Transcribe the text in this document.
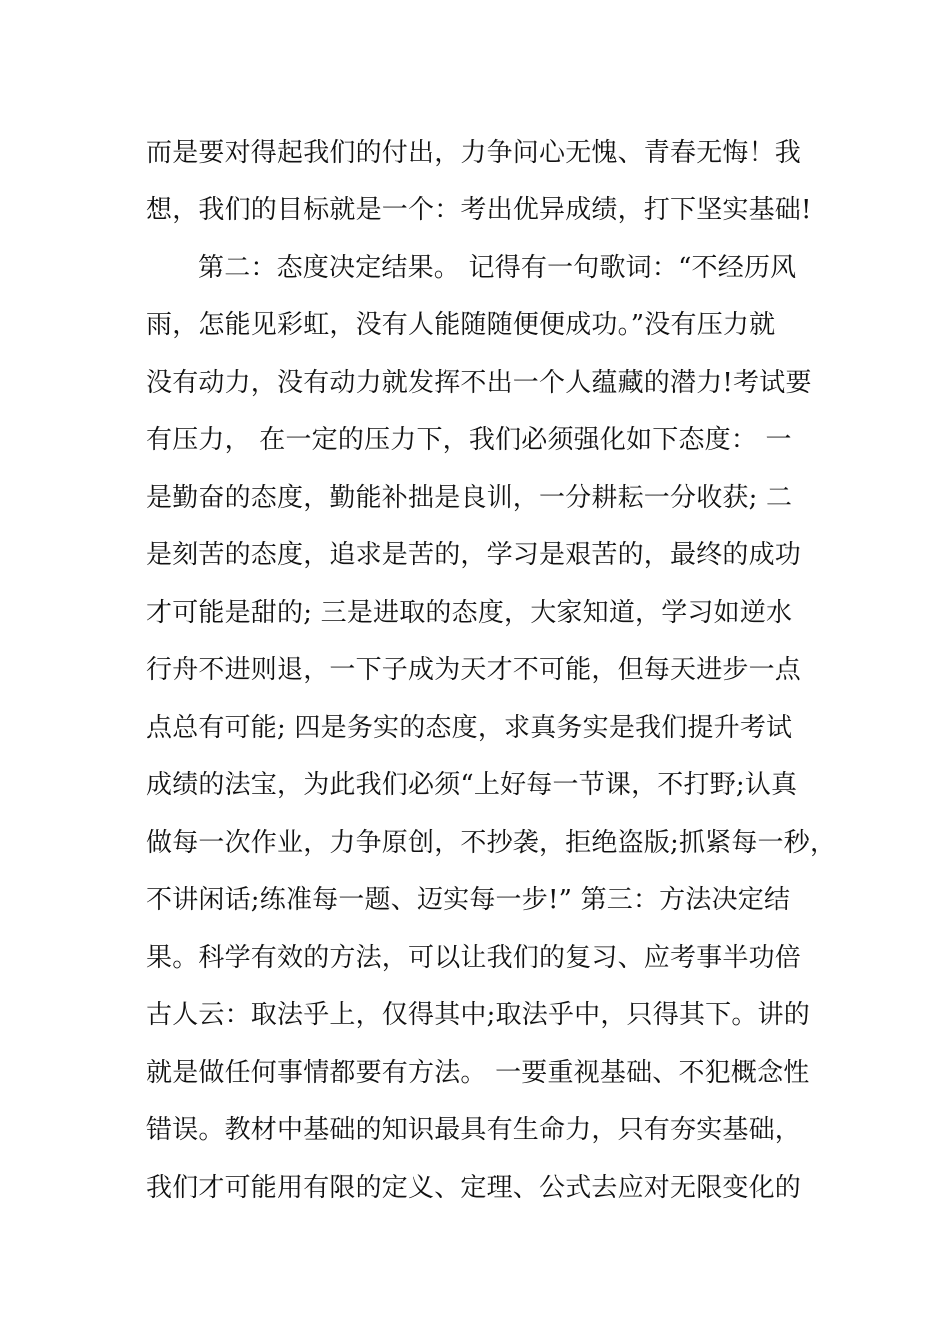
而是要对得起我们的付出，力争问心无愧、青春无悔！我
想，我们的目标就是一个：考出优异成绩，打下坚实基础!
第二：态度决定结果。 记得有一句歌词：“不经历风
雨，怎能见彩虹，没有人能随随便便成功。”没有压力就
没有动力，没有动力就发挥不出一个人蕴藏的潜力!考试要
有压力， 在一定的压力下，我们必须强化如下态度： 一
是勤奋的态度，勤能补拙是良训，一分耕耘一分收获; 二
是刻苦的态度，追求是苦的，学习是艰苦的，最终的成功
才可能是甜的; 三是进取的态度，大家知道，学习如逆水
行舟不进则退，一下子成为天才不可能，但每天进步一点
点总有可能; 四是务实的态度，求真务实是我们提升考试
成绩的法宝，为此我们必须“上好每一节课，不打野;认真
做每一次作业，力争原创，不抄袭，拒绝盗版;抓紧每一秒，
不讲闲话;练准每一题、迈实每一步!” 第三：方法决定结
果。科学有效的方法，可以让我们的复习、应考事半功倍
古人云：取法乎上，仅得其中;取法乎中，只得其下。讲的
就是做任何事情都要有方法。 一要重视基础、不犯概念性
错误。教材中基础的知识最具有生命力，只有夯实基础，
我们才可能用有限的定义、定理、公式去应对无限变化的
